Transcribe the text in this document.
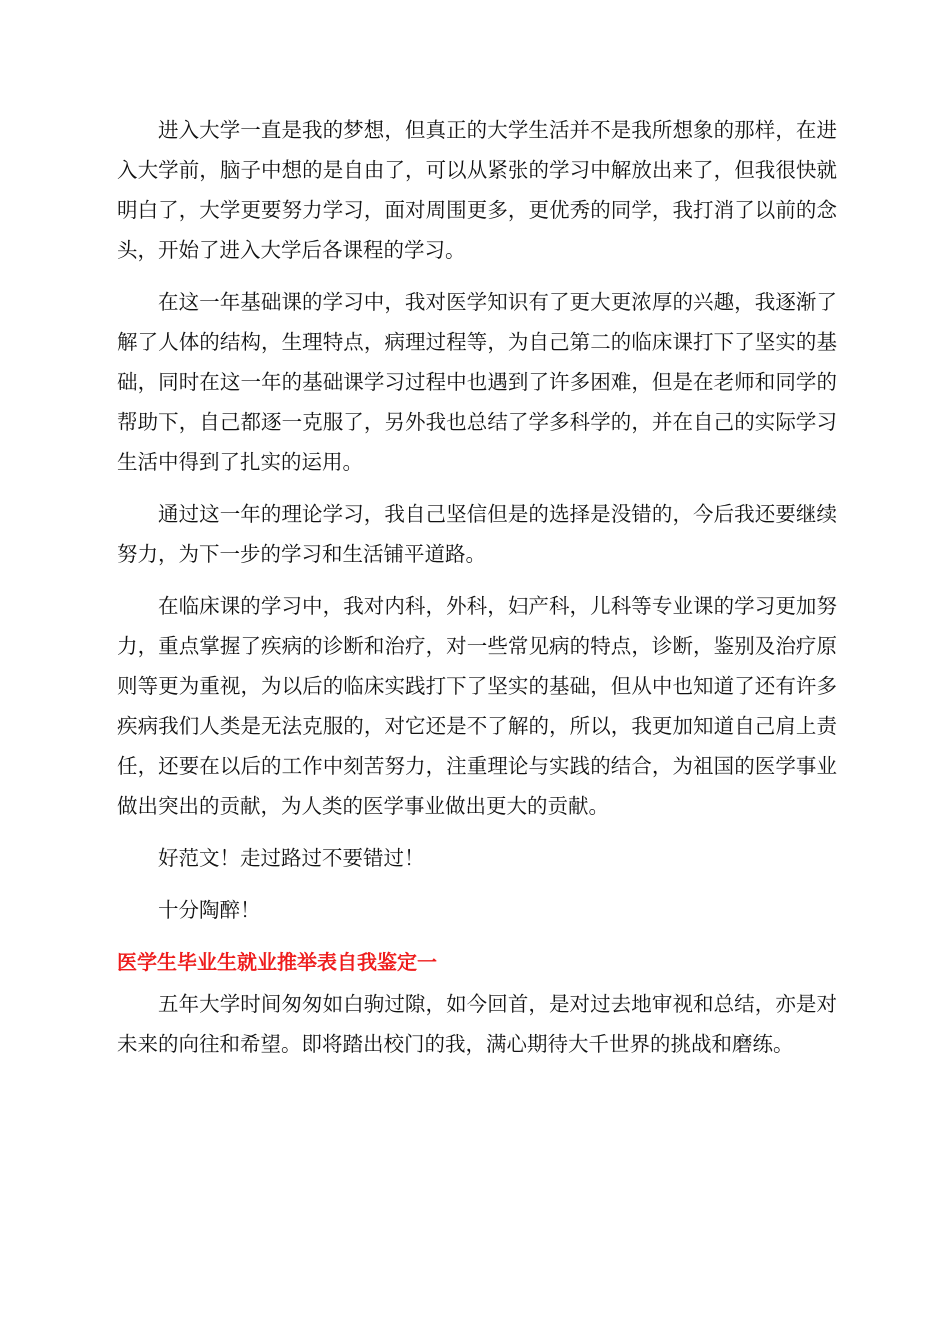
进入大学一直是我的梦想，但真正的大学生活并不是我所想象的那样，在进入大学前，脑子中想的是自由了，可以从紧张的学习中解放出来了，但我很快就明白了，大学更要努力学习，面对周围更多，更优秀的同学，我打消了以前的念头，开始了进入大学后各课程的学习。

在这一年基础课的学习中，我对医学知识有了更大更浓厚的兴趣，我逐渐了解了人体的结构，生理特点，病理过程等，为自己第二的临床课打下了坚实的基础，同时在这一年的基础课学习过程中也遇到了许多困难，但是在老师和同学的帮助下，自己都逐一克服了，另外我也总结了学多科学的，并在自己的实际学习生活中得到了扎实的运用。

通过这一年的理论学习，我自己坚信但是的选择是没错的，今后我还要继续努力，为下一步的学习和生活铺平道路。

在临床课的学习中，我对内科，外科，妇产科，儿科等专业课的学习更加努力，重点掌握了疾病的诊断和治疗，对一些常见病的特点，诊断，鉴别及治疗原则等更为重视，为以后的临床实践打下了坚实的基础，但从中也知道了还有许多疾病我们人类是无法克服的，对它还是不了解的，所以，我更加知道自己肩上责任，还要在以后的工作中刻苦努力，注重理论与实践的结合，为祖国的医学事业做出突出的贡献，为人类的医学事业做出更大的贡献。

好范文！走过路过不要错过！

十分陶醉！

医学生毕业生就业推举表自我鉴定一

五年大学时间匆匆如白驹过隙，如今回首，是对过去地审视和总结，亦是对未来的向往和希望。即将踏出校门的我，满心期待大千世界的挑战和磨练。
